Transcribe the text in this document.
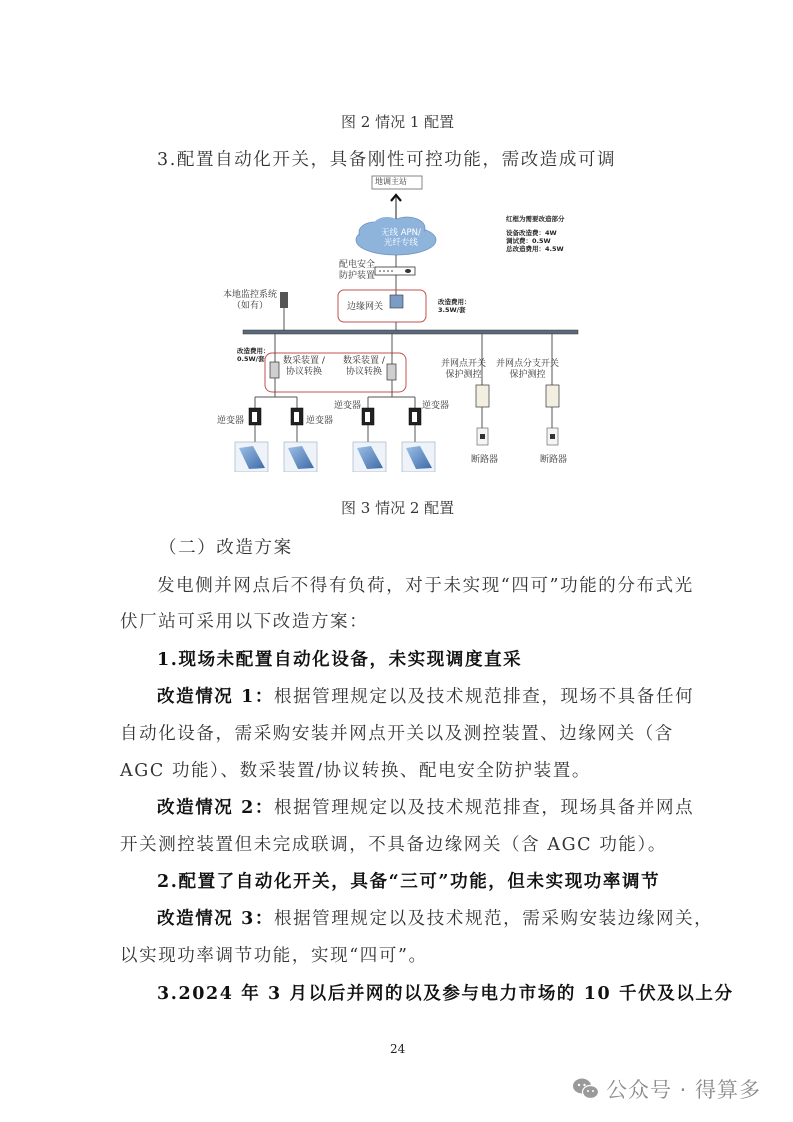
图 2 情况 1 配置
3.配置自动化开关，具备刚性可控功能，需改造成可调
地调主站
无线 APN/
光纤专线
配电安全
防护装置
本地监控系统
（如有）	边缘网关	改造费用：
3.5W/套
红框为需要改造部分
设备改造费：4W
调试费：0.5W
总改造费用：4.5W
改造费用：
0.5W/套	数采装置 /
协议转换
数采装置 /
协议转换
逆变器	逆变器
逆变器	逆变器
并网点开关
保护测控
并网点分支开关
保护测控
断路器	断路器
图 3 情况 2 配置
（二）改造方案
发电侧并网点后不得有负荷，对于未实现“四可”功能的分布式光
伏厂站可采用以下改造方案：
1.现场未配置自动化设备，未实现调度直采
改造情况 1：根据管理规定以及技术规范排查，现场不具备任何
自动化设备，需采购安装并网点开关以及测控装置、边缘网关（含
AGC 功能）、数采装置/协议转换、配电安全防护装置。
改造情况 2：根据管理规定以及技术规范排查，现场具备并网点
开关测控装置但未完成联调，不具备边缘网关（含 AGC 功能）。
2.配置了自动化开关，具备“三可”功能，但未实现功率调节
改造情况 3：根据管理规定以及技术规范，需采购安装边缘网关，
以实现功率调节功能，实现“四可”。
3.2024 年 3 月以后并网的以及参与电力市场的 10 千伏及以上分
24
公众号 · 得算多
